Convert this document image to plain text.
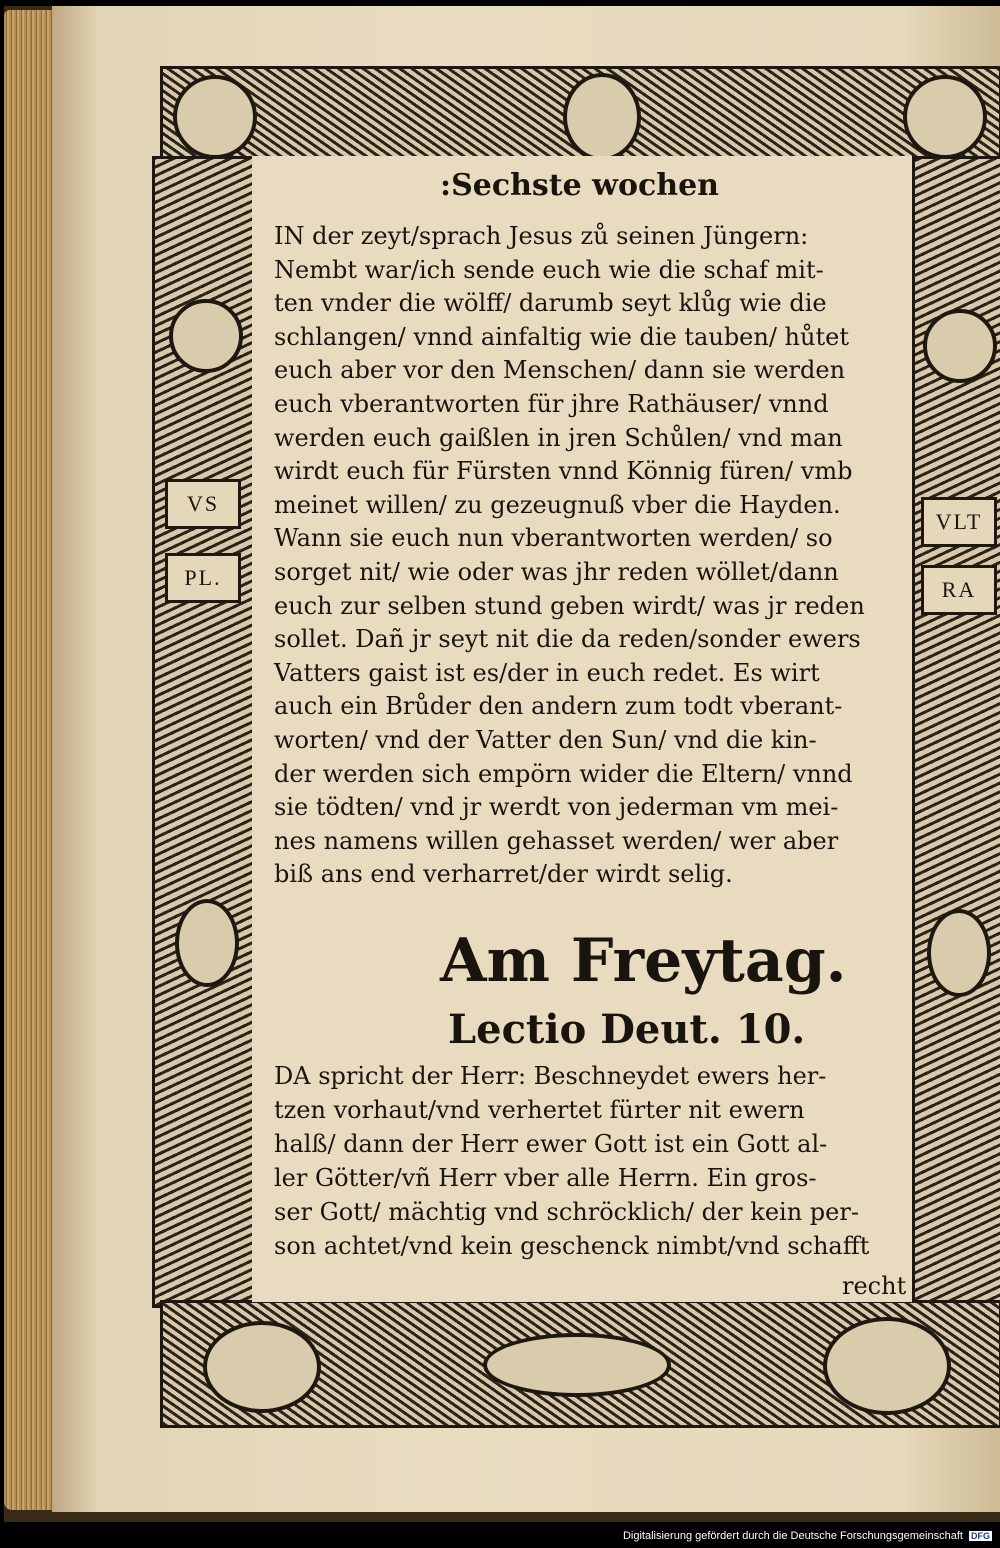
VS
PL.
VLT
RA
:Sechste wochen
IN der zeyt/sprach Jesus zů seinen Jüngern:
Nembt war/ich sende euch wie die schaf mit-
ten vnder die wölff/ darumb seyt klůg wie die
schlangen/ vnnd ainfaltig wie die tauben/ hůtet
euch aber vor den Menschen/ dann sie werden
euch vberantworten für jhre Rathäuser/ vnnd
werden euch gaißlen in jren Schůlen/ vnd man
wirdt euch für Fürsten vnnd Könnig füren/ vmb
meinet willen/ zu gezeugnuß vber die Hayden.
Wann sie euch nun vberantworten werden/ so
sorget nit/ wie oder was jhr reden wöllet/dann
euch zur selben stund geben wirdt/ was jr reden
sollet. Dañ jr seyt nit die da reden/sonder ewers
Vatters gaist ist es/der in euch redet. Es wirt
auch ein Brůder den andern zum todt vberant-
worten/ vnd der Vatter den Sun/ vnd die kin-
der werden sich empörn wider die Eltern/ vnnd
sie tödten/ vnd jr werdt von jederman vm mei-
nes namens willen gehasset werden/ wer aber
biß ans end verharret/der wirdt selig.
Am Freytag.
Lectio Deut. 10.
DA spricht der Herr: Beschneydet ewers her-
tzen vorhaut/vnd verhertet fürter nit ewern
halß/ dann der Herr ewer Gott ist ein Gott al-
ler Götter/vñ Herr vber alle Herrn. Ein gros-
ser Gott/ mächtig vnd schröcklich/ der kein per-
son achtet/vnd kein geschenck nimbt/vnd schafft
recht
Digitalisierung gefördert durch die Deutsche Forschungsgemeinschaft DFG
